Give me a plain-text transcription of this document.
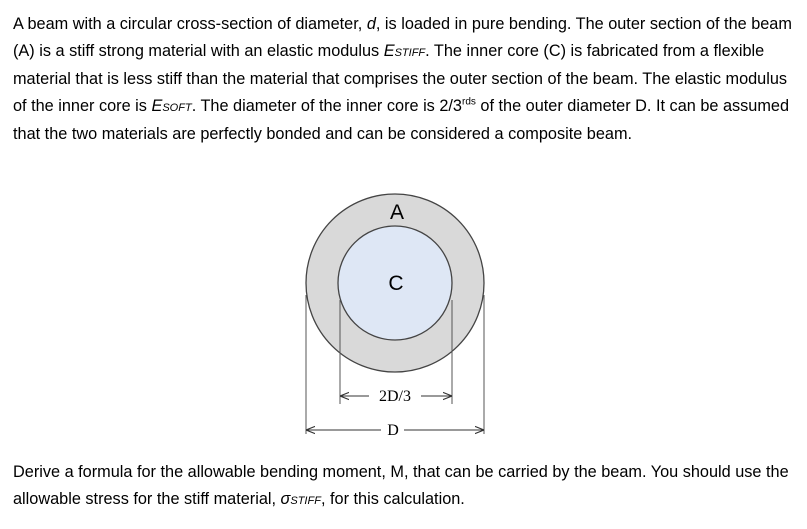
A beam with a circular cross-section of diameter, d, is loaded in pure bending. The outer section of the beam (A) is a stiff strong material with an elastic modulus ESTIFF. The inner core (C) is fabricated from a flexible material that is less stiff than the material that comprises the outer section of the beam. The elastic modulus of the inner core is ESOFT. The diameter of the inner core is $2/3^{rds}$ of the outer diameter D. It can be assumed that the two materials are perfectly bonded and can be considered a composite beam.

A
C
2D/3
D

Derive a formula for the allowable bending moment, M, that can be carried by the beam. You should use the allowable stress for the stiff material, σSTIFF, for this calculation.
